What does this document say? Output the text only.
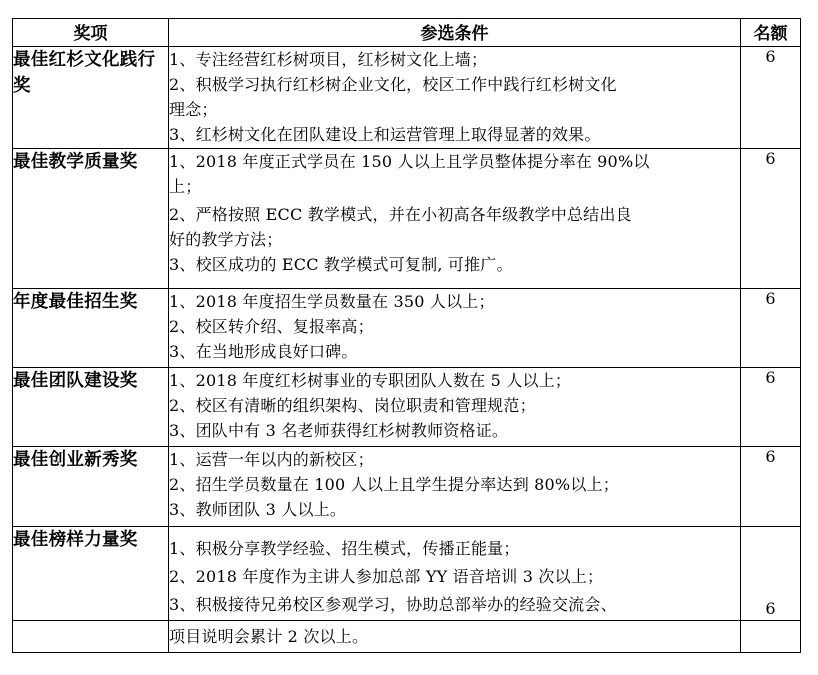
奖项	参选条件	名额
最佳红杉文化践行奖	1、专注经营红杉树项目，红杉树文化上墙；
2、积极学习执行红杉树企业文化，校区工作中践行红杉树文化
理念；
3、红杉树文化在团队建设上和运营管理上取得显著的效果。	6
最佳教学质量奖	1、2018 年度正式学员在 150 人以上且学员整体提分率在 90%以
上；
2、严格按照 ECC 教学模式，并在小初高各年级教学中总结出良
好的教学方法；
3、校区成功的 ECC 教学模式可复制, 可推广。	6
年度最佳招生奖	1、2018 年度招生学员数量在 350 人以上；
2、校区转介绍、复报率高；
3、在当地形成良好口碑。	6
最佳团队建设奖	1、2018 年度红杉树事业的专职团队人数在 5 人以上；
2、校区有清晰的组织架构、岗位职责和管理规范；
3、团队中有 3 名老师获得红杉树教师资格证。	6
最佳创业新秀奖	1、运营一年以内的新校区；
2、招生学员数量在 100 人以上且学生提分率达到 80%以上；
3、教师团队 3 人以上。	6
最佳榜样力量奖	1、积极分享教学经验、招生模式，传播正能量；
2、2018 年度作为主讲人参加总部 YY 语音培训 3 次以上；
3、积极接待兄弟校区参观学习，协助总部举办的经验交流会、	6

	项目说明会累计 2 次以上。	
